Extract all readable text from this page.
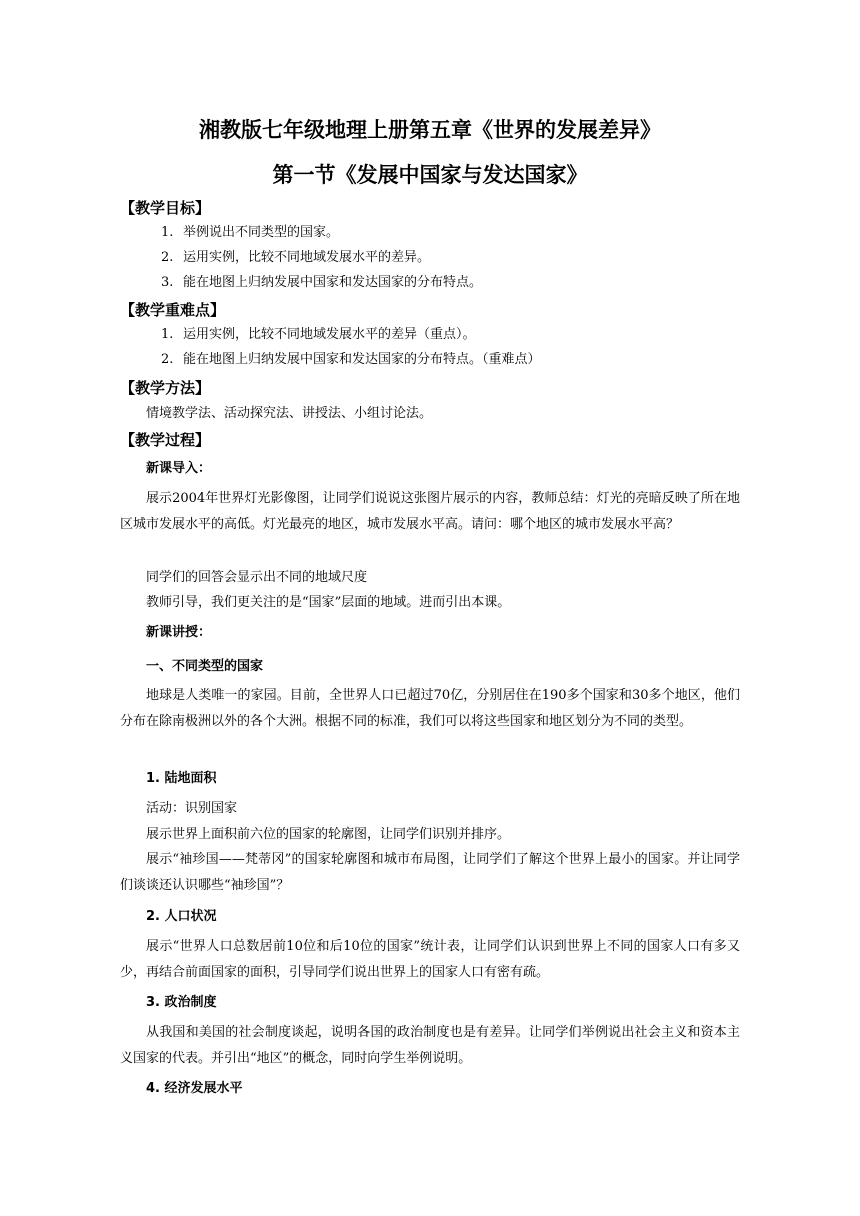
湘教版七年级地理上册第五章《世界的发展差异》
第一节《发展中国家与发达国家》
【教学目标】
1. 举例说出不同类型的国家。
2. 运用实例，比较不同地域发展水平的差异。
3. 能在地图上归纳发展中国家和发达国家的分布特点。
【教学重难点】
1. 运用实例，比较不同地域发展水平的差异（重点）。
2. 能在地图上归纳发展中国家和发达国家的分布特点。（重难点）
【教学方法】
情境教学法、活动探究法、讲授法、小组讨论法。
【教学过程】
新课导入：
展示2004年世界灯光影像图，让同学们说说这张图片展示的内容，教师总结：灯光的亮暗反映了所在地区城市发展水平的高低。灯光最亮的地区，城市发展水平高。请问：哪个地区的城市发展水平高？
同学们的回答会显示出不同的地域尺度
教师引导，我们更关注的是“国家”层面的地域。进而引出本课。
新课讲授：
一、不同类型的国家
地球是人类唯一的家园。目前，全世界人口已超过70亿，分别居住在190多个国家和30多个地区，他们分布在除南极洲以外的各个大洲。根据不同的标准，我们可以将这些国家和地区划分为不同的类型。
1. 陆地面积
活动：识别国家
展示世界上面积前六位的国家的轮廓图，让同学们识别并排序。
展示“袖珍国——梵蒂冈”的国家轮廓图和城市布局图，让同学们了解这个世界上最小的国家。并让同学们谈谈还认识哪些“袖珍国”？
2. 人口状况
展示“世界人口总数居前10位和后10位的国家”统计表，让同学们认识到世界上不同的国家人口有多又少，再结合前面国家的面积，引导同学们说出世界上的国家人口有密有疏。
3. 政治制度
从我国和美国的社会制度谈起，说明各国的政治制度也是有差异。让同学们举例说出社会主义和资本主义国家的代表。并引出“地区”的概念，同时向学生举例说明。
4. 经济发展水平
